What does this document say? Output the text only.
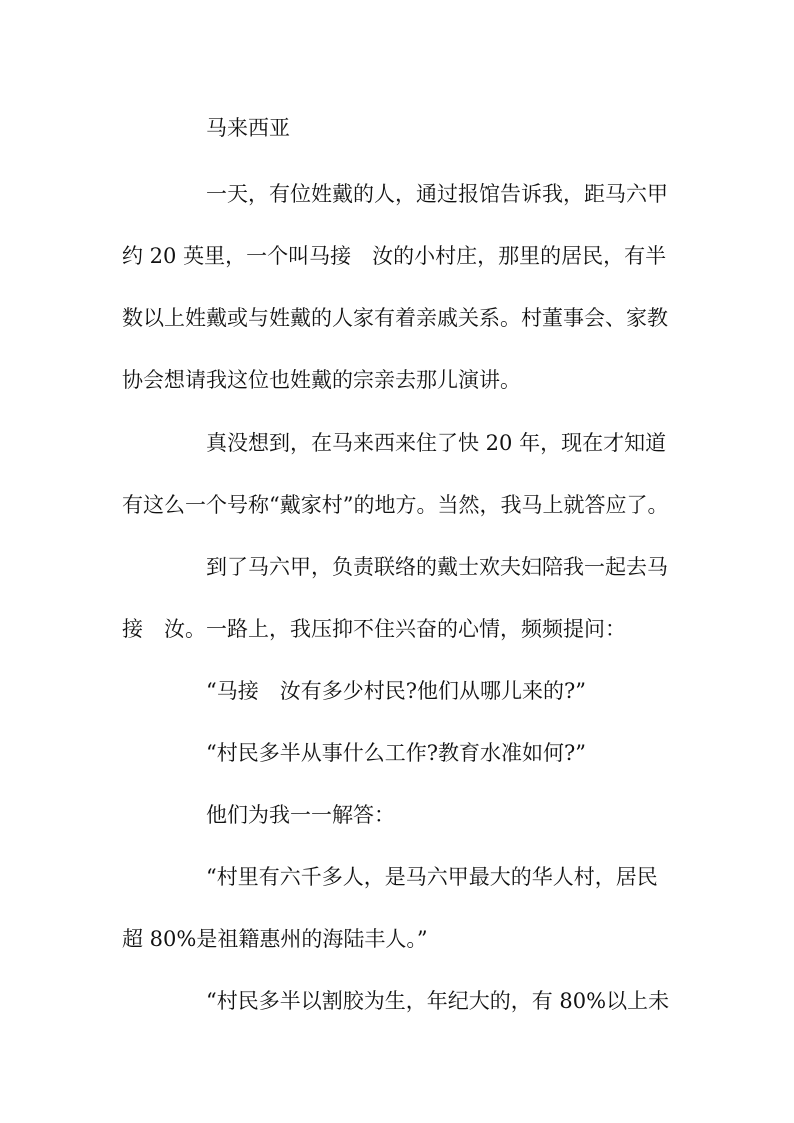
马来西亚

一天，有位姓戴的人，通过报馆告诉我，距马六甲

约 20 英里，一个叫马接　汝的小村庄，那里的居民，有半

数以上姓戴或与姓戴的人家有着亲戚关系。村董事会、家教

协会想请我这位也姓戴的宗亲去那儿演讲。

真没想到，在马来西来住了快 20 年，现在才知道

有这么一个号称“戴家村”的地方。当然，我马上就答应了。

到了马六甲，负责联络的戴士欢夫妇陪我一起去马

接　汝。一路上，我压抑不住兴奋的心情，频频提问：

“马接　汝有多少村民?他们从哪儿来的?”

“村民多半从事什么工作?教育水准如何?”

他们为我一一解答：

“村里有六千多人，是马六甲最大的华人村，居民

超 80%是祖籍惠州的海陆丰人。”

“村民多半以割胶为生，年纪大的，有 80%以上未
